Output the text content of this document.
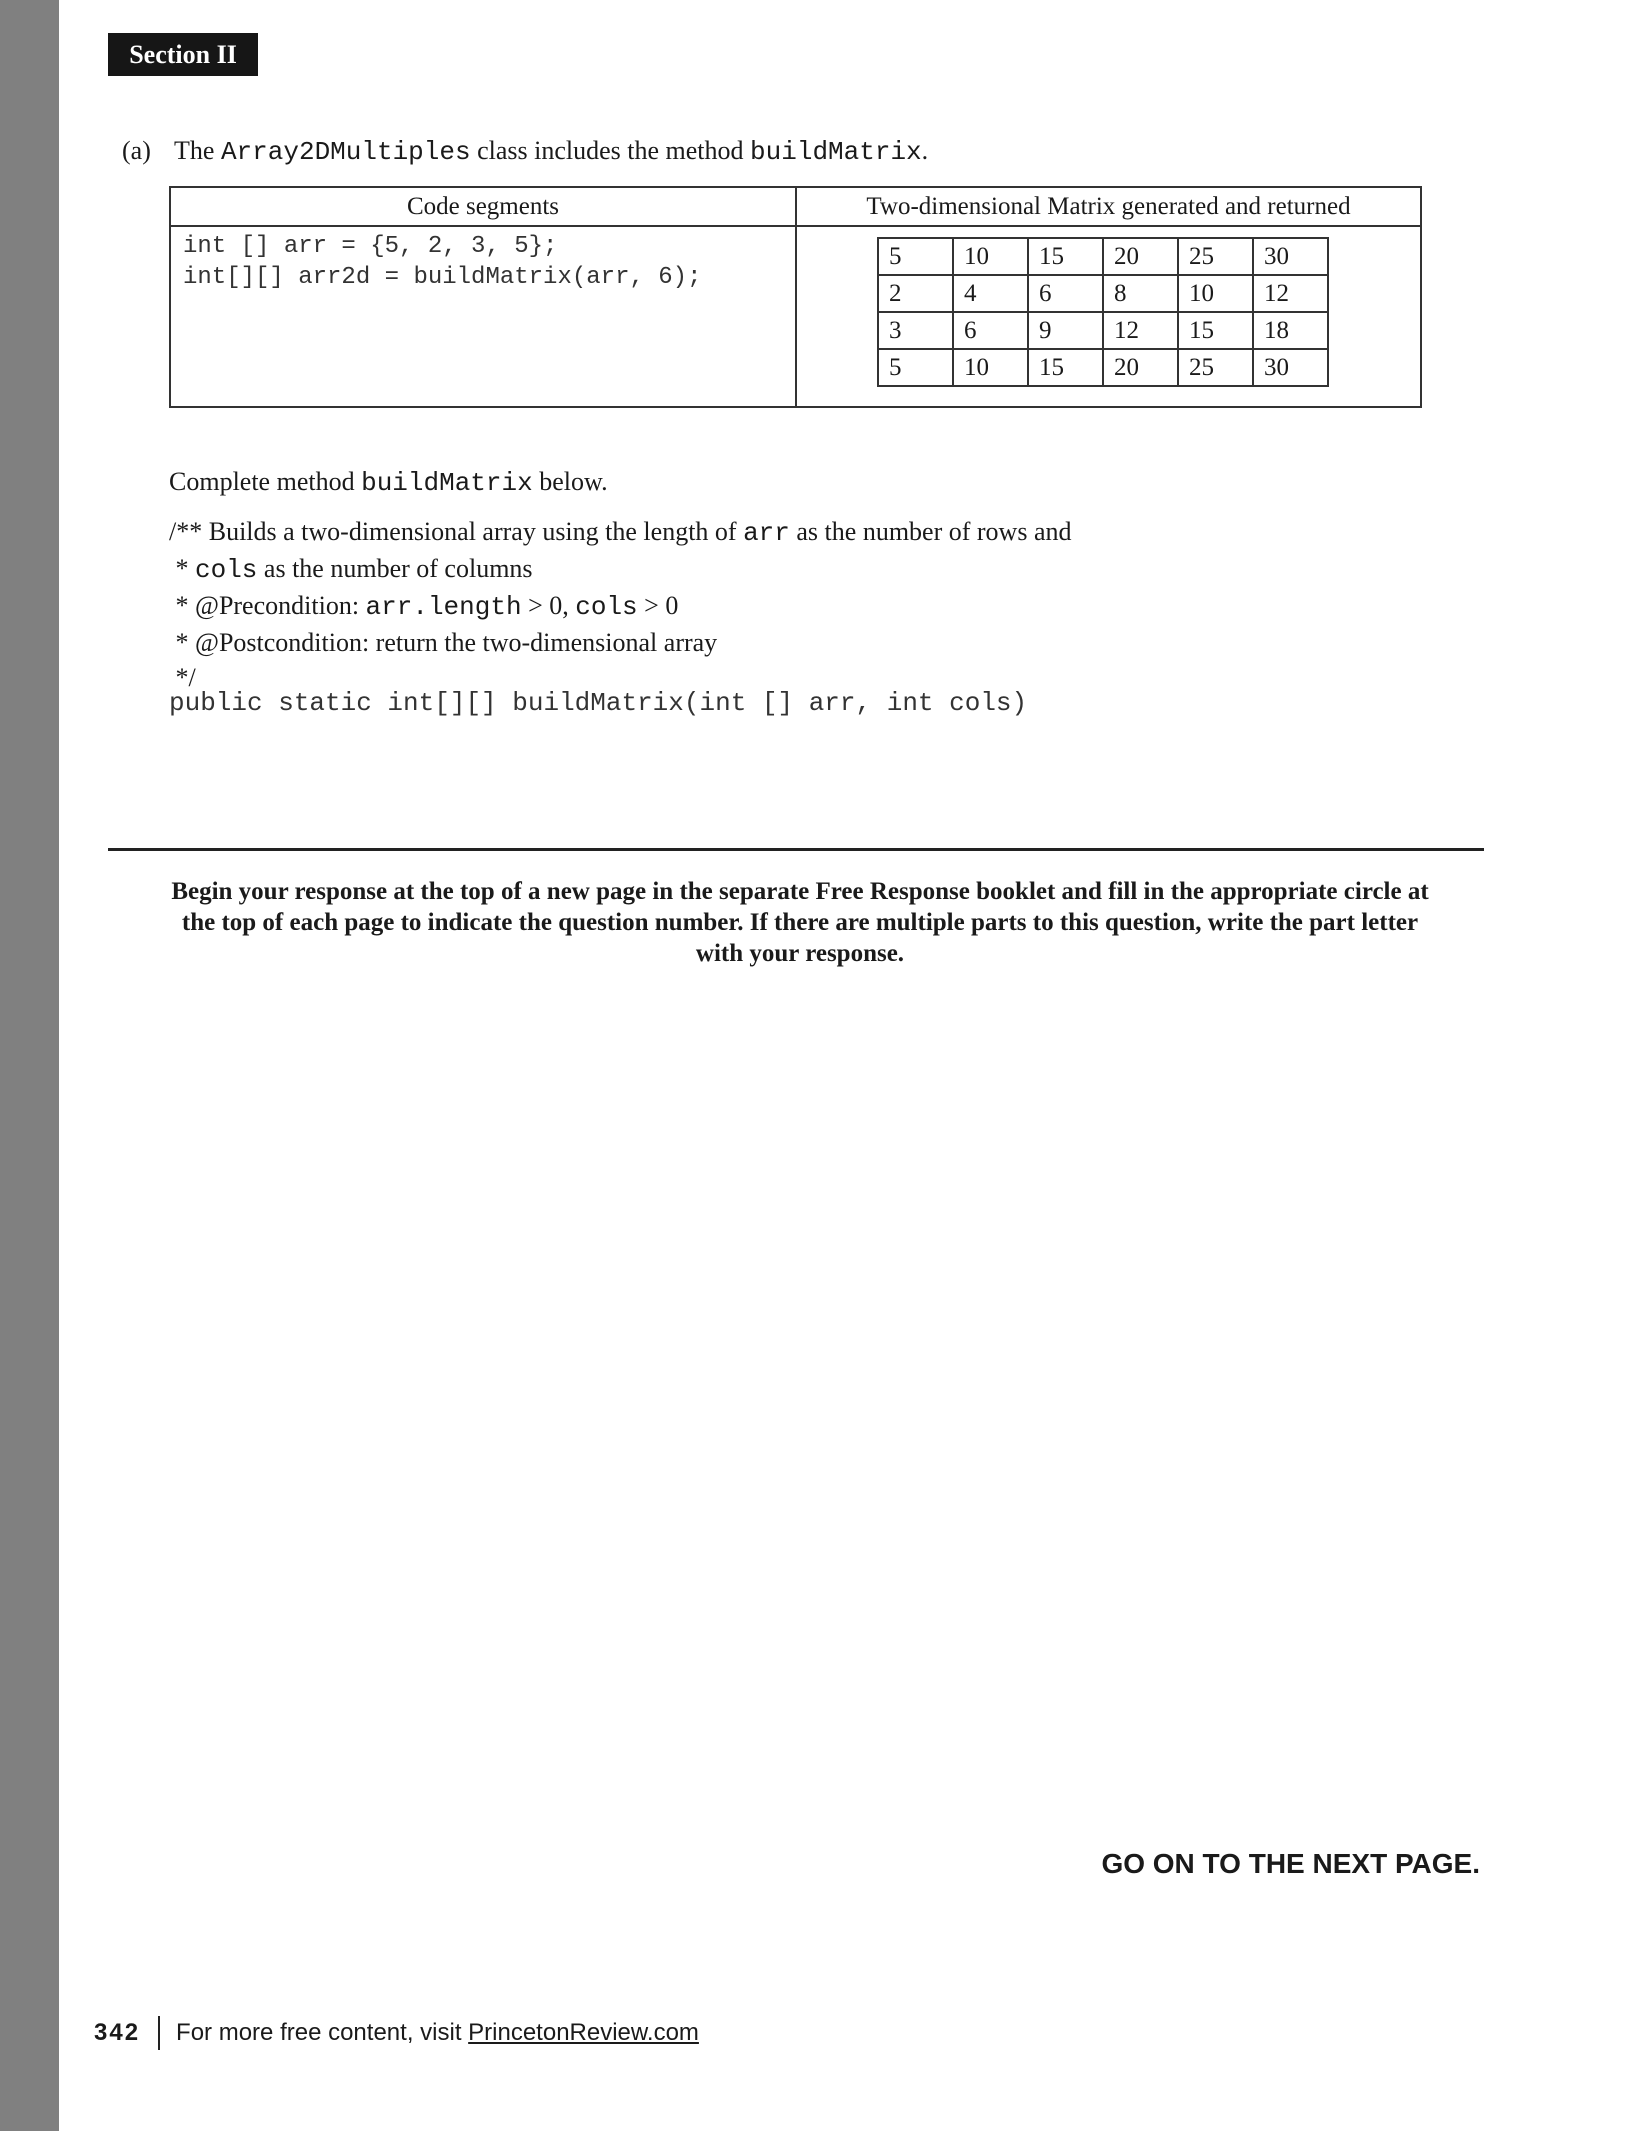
Section II
(a) The Array2DMultiples class includes the method buildMatrix.
Code segments	Two-dimensional Matrix generated and returned

int [] arr = {5, 2, 3, 5};
int[][] arr2d = buildMatrix(arr, 6);

5	10	15	20	25	30
2	4	6	8	10	12
3	6	9	12	15	18
5	10	15	20	25	30
Complete method buildMatrix below.
/** Builds a two-dimensional array using the length of arr as the number of rows and
* cols as the number of columns
* @Precondition: arr.length > 0, cols > 0
* @Postcondition: return the two-dimensional array
*/
public static int[][] buildMatrix(int [] arr, int cols)
Begin your response at the top of a new page in the separate Free Response booklet and fill in the appropriate circle at the top of each page to indicate the question number. If there are multiple parts to this question, write the part letter with your response.
GO ON TO THE NEXT PAGE.
342 For more free content, visit
PrincetonReview.com
